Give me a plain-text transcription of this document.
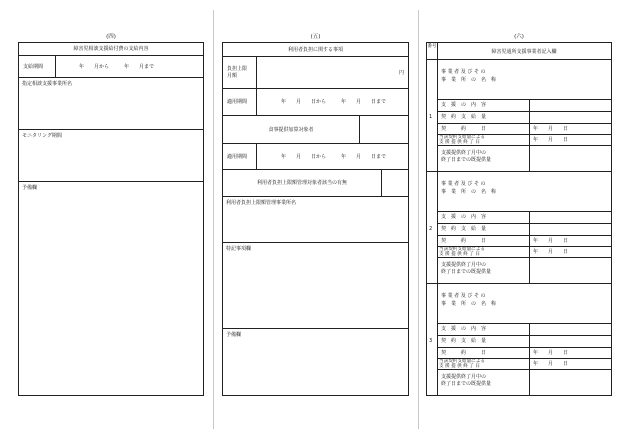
(四)
障害児相談支援給付費の支給内容
支給期間	年　　月から　　　年　　月まで
指定相談支援事業所名
モニタリング期間
予備欄
(五)
利用者負担に関する事項
負担上限
月額	円
適用期間	年　　月　　日から　　　年　　月　　日まで
食事提供加算対象者
適用期間	年　　月　　日から　　　年　　月　　日まで
利用者負担上限額管理対象者該当の有無
利用者負担上限額管理事業所名
特記事項欄
予備欄
(六)
番号
障害児通所支援事業者記入欄
1
事 業 者 及 び そ の
事　業　所　の　名　称
支　援　の　内　容
契　約　支　給　量
契　　　約　　　日	年　　月　　日
当該契約支給量による
支 援 提 供 終 了 日	年　　月　　日
支援提供終了月中の
終了日までの既提供量
2
事 業 者 及 び そ の
事　業　所　の　名　称
支　援　の　内　容
契　約　支　給　量
契　　　約　　　日	年　　月　　日
当該契約支給量による
支 援 提 供 終 了 日	年　　月　　日
支援提供終了月中の
終了日までの既提供量
3
事 業 者 及 び そ の
事　業　所　の　名　称
支　援　の　内　容
契　約　支　給　量
契　　　約　　　日	年　　月　　日
当該契約支給量による
支 援 提 供 終 了 日	年　　月　　日
支援提供終了月中の
終了日までの既提供量
